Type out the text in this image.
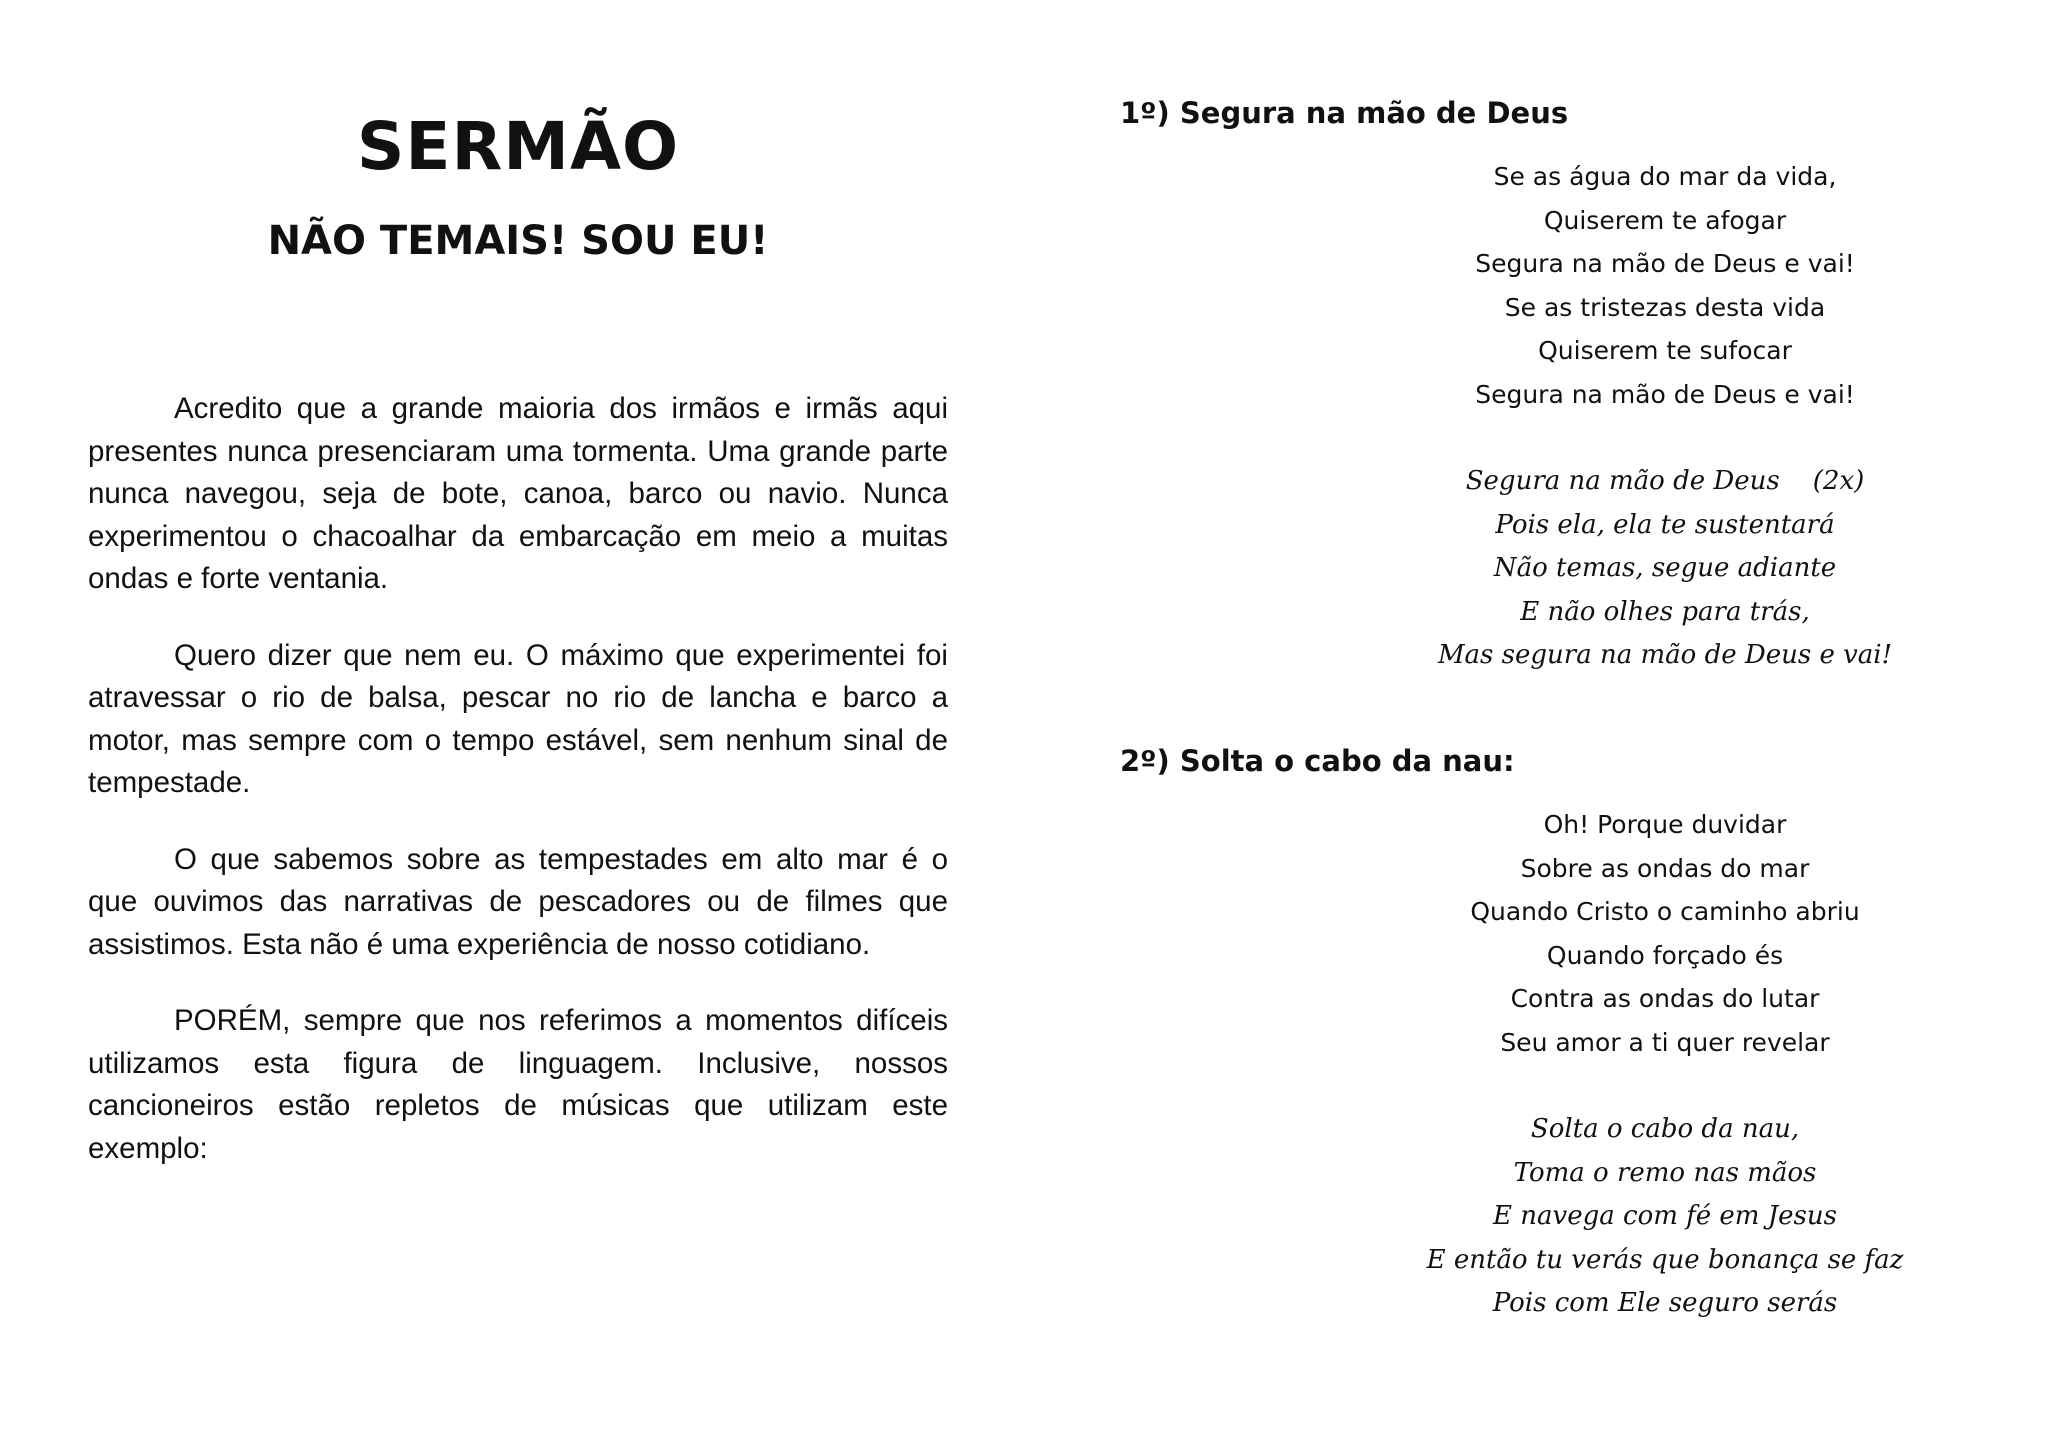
SERMÃO
NÃO TEMAIS! SOU EU!

Acredito que a grande maioria dos irmãos e irmãs aqui presentes nunca presenciaram uma tormenta. Uma grande parte nunca navegou, seja de bote, canoa, barco ou navio. Nunca experimentou o chacoalhar da embarcação em meio a muitas ondas e forte ventania.

Quero dizer que nem eu. O máximo que experimentei foi atravessar o rio de balsa, pescar no rio de lancha e barco a motor, mas sempre com o tempo estável, sem nenhum sinal de tempestade.

O que sabemos sobre as tempestades em alto mar é o que ouvimos das narrativas de pescadores ou de filmes que assistimos. Esta não é uma experiência de nosso cotidiano.

PORÉM, sempre que nos referimos a momentos difíceis utilizamos esta figura de linguagem. Inclusive, nossos cancioneiros estão repletos de músicas que utilizam este exemplo:

1º) Segura na mão de Deus

Se as água do mar da vida,
Quiserem te afogar
Segura na mão de Deus e vai!
Se as tristezas desta vida
Quiserem te sufocar
Segura na mão de Deus e vai!
Segura na mão de Deus    (2x)
Pois ela, ela te sustentará
Não temas, segue adiante
E não olhes para trás,
Mas segura na mão de Deus e vai!

2º) Solta o cabo da nau:

Oh! Porque duvidar
Sobre as ondas do mar
Quando Cristo o caminho abriu
Quando forçado és
Contra as ondas do lutar
Seu amor a ti quer revelar
Solta o cabo da nau,
Toma o remo nas mãos
E navega com fé em Jesus
E então tu verás que bonança se faz
Pois com Ele seguro serás
